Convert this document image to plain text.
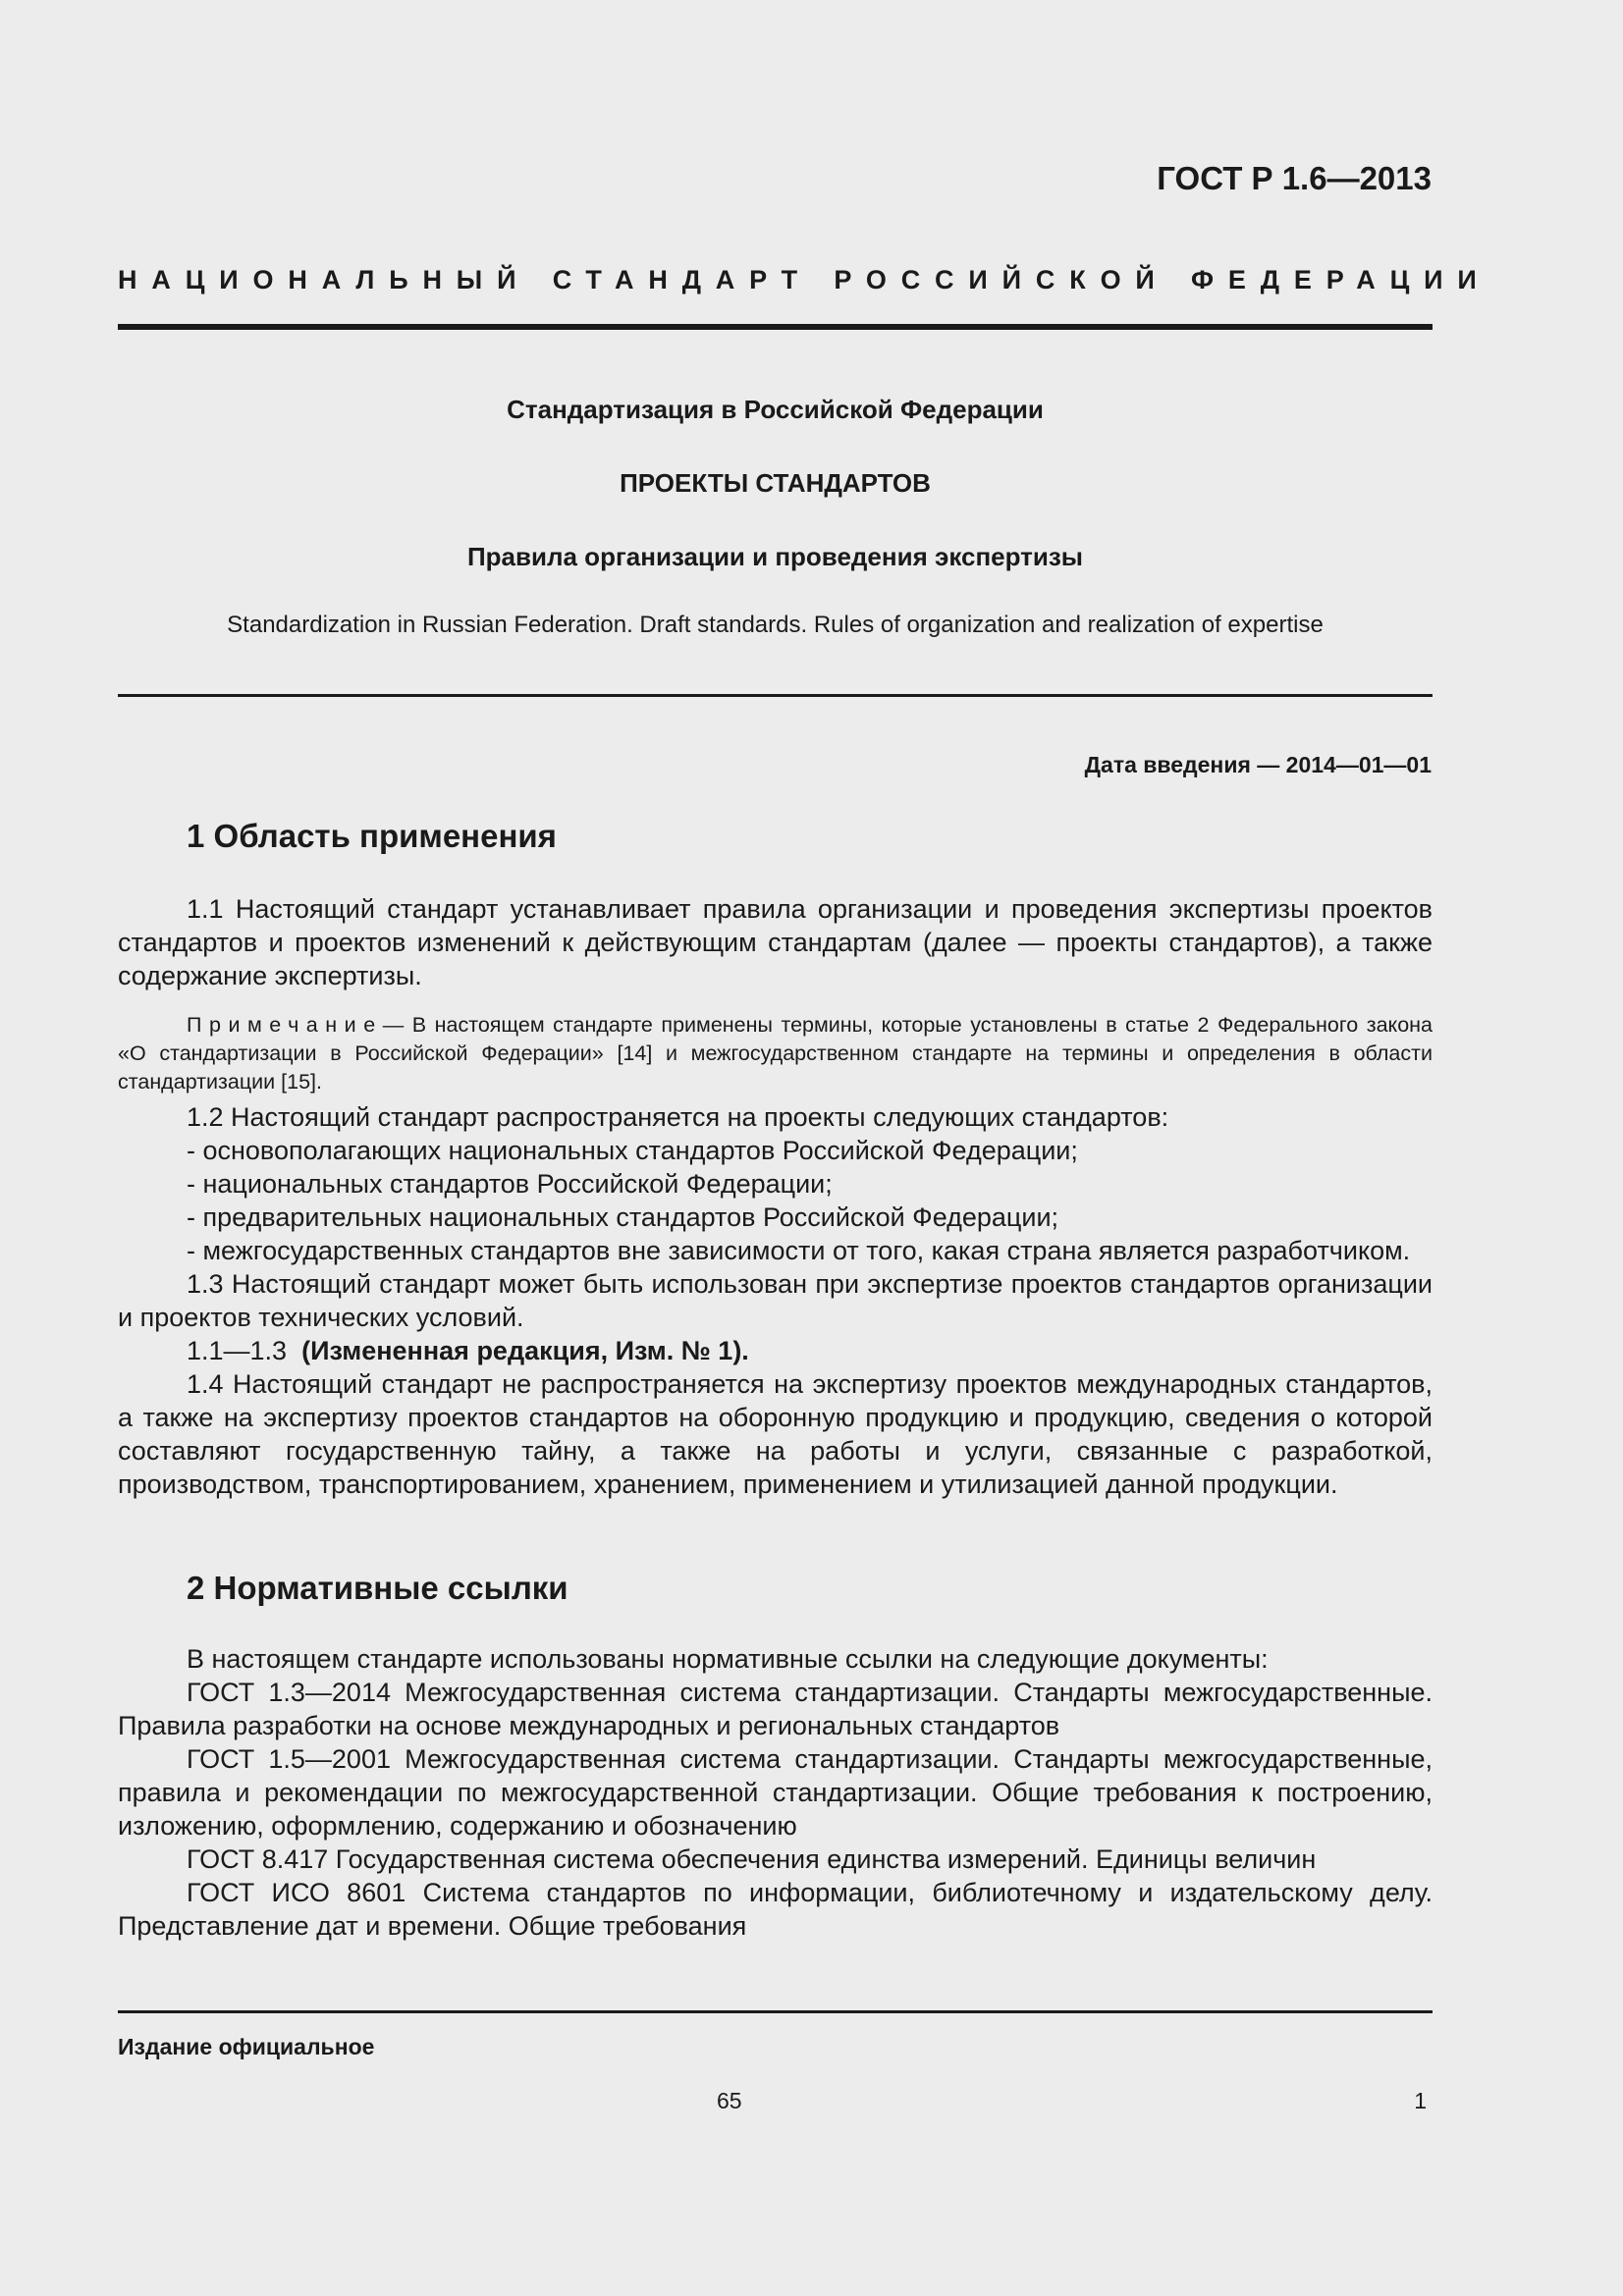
ГОСТ Р 1.6—2013
НАЦИОНАЛЬНЫЙ СТАНДАРТ РОССИЙСКОЙ ФЕДЕРАЦИИ
Стандартизация в Российской Федерации
ПРОЕКТЫ СТАНДАРТОВ
Правила организации и проведения экспертизы
Standardization in Russian Federation. Draft standards. Rules of organization and realization of expertise
Дата введения — 2014—01—01
1 Область применения

1.1 Настоящий стандарт устанавливает правила организации и проведения экспертизы проектов стандартов и проектов изменений к действующим стандартам (далее — проекты стандартов), а также содержание экспертизы.

Примечание— В настоящем стандарте применены термины, которые установлены в статье 2 Федерального закона «О стандартизации в Российской Федерации» [14] и межгосударственном стандарте на термины и определения в области стандартизации [15].

1.2 Настоящий стандарт распространяется на проекты следующих стандартов:

- основополагающих национальных стандартов Российской Федерации;

- национальных стандартов Российской Федерации;

- предварительных национальных стандартов Российской Федерации;

- межгосударственных стандартов вне зависимости от того, какая страна является разработчиком.

1.3 Настоящий стандарт может быть использован при экспертизе проектов стандартов организации и проектов технических условий.

1.1—1.3 (Измененная редакция, Изм. № 1).

1.4 Настоящий стандарт не распространяется на экспертизу проектов международных стандартов, а также на экспертизу проектов стандартов на оборонную продукцию и продукцию, сведения о которой составляют государственную тайну, а также на работы и услуги, связанные с разработкой, производством, транспортированием, хранением, применением и утилизацией данной продукции.

2 Нормативные ссылки

В настоящем стандарте использованы нормативные ссылки на следующие документы:

ГОСТ 1.3—2014 Межгосударственная система стандартизации. Стандарты межгосударственные. Правила разработки на основе международных и региональных стандартов

ГОСТ 1.5—2001 Межгосударственная система стандартизации. Стандарты межгосударственные, правила и рекомендации по межгосударственной стандартизации. Общие требования к построению, изложению, оформлению, содержанию и обозначению

ГОСТ 8.417 Государственная система обеспечения единства измерений. Единицы величин

ГОСТ ИСО 8601 Система стандартов по информации, библиотечному и издательскому делу. Представление дат и времени. Общие требования

Издание официальное
65	1
